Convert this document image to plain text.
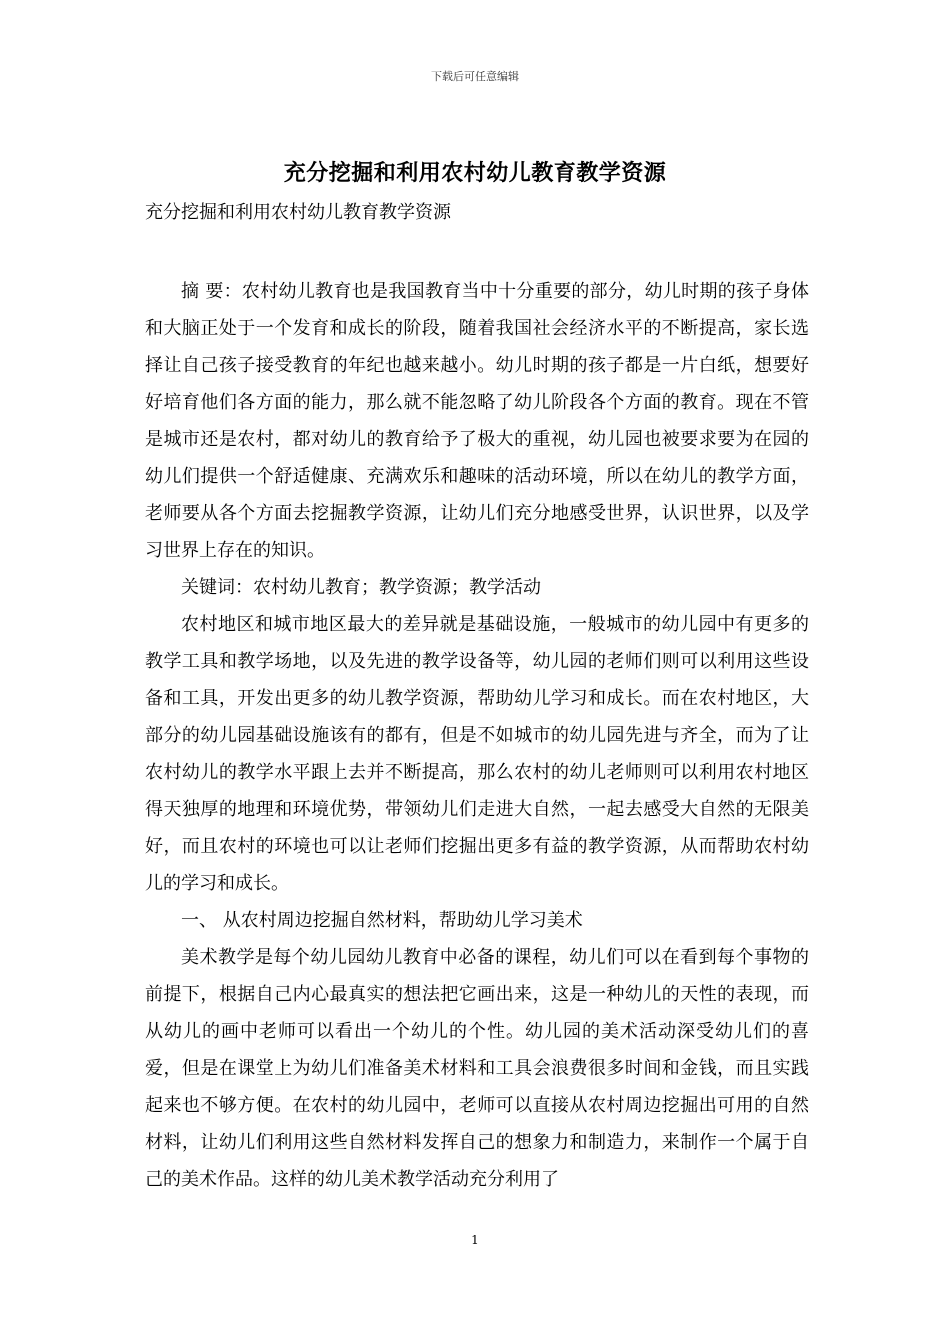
下载后可任意编辑
充分挖掘和利用农村幼儿教育教学资源
充分挖掘和利用农村幼儿教育教学资源

摘 要：农村幼儿教育也是我国教育当中十分重要的部分，幼儿时期的孩子身体和大脑正处于一个发育和成长的阶段，随着我国社会经济水平的不断提高，家长选择让自己孩子接受教育的年纪也越来越小。幼儿时期的孩子都是一片白纸，想要好好培育他们各方面的能力，那么就不能忽略了幼儿阶段各个方面的教育。现在不管是城市还是农村，都对幼儿的教育给予了极大的重视，幼儿园也被要求要为在园的幼儿们提供一个舒适健康、充满欢乐和趣味的活动环境，所以在幼儿的教学方面，老师要从各个方面去挖掘教学资源，让幼儿们充分地感受世界，认识世界，以及学习世界上存在的知识。

关键词：农村幼儿教育；教学资源；教学活动

农村地区和城市地区最大的差异就是基础设施，一般城市的幼儿园中有更多的教学工具和教学场地，以及先进的教学设备等，幼儿园的老师们则可以利用这些设备和工具，开发出更多的幼儿教学资源，帮助幼儿学习和成长。而在农村地区，大部分的幼儿园基础设施该有的都有，但是不如城市的幼儿园先进与齐全，而为了让农村幼儿的教学水平跟上去并不断提高，那么农村的幼儿老师则可以利用农村地区得天独厚的地理和环境优势，带领幼儿们走进大自然，一起去感受大自然的无限美好，而且农村的环境也可以让老师们挖掘出更多有益的教学资源，从而帮助农村幼儿的学习和成长。

一、 从农村周边挖掘自然材料，帮助幼儿学习美术

美术教学是每个幼儿园幼儿教育中必备的课程，幼儿们可以在看到每个事物的前提下，根据自己内心最真实的想法把它画出来，这是一种幼儿的天性的表现，而从幼儿的画中老师可以看出一个幼儿的个性。幼儿园的美术活动深受幼儿们的喜爱，但是在课堂上为幼儿们准备美术材料和工具会浪费很多时间和金钱，而且实践起来也不够方便。在农村的幼儿园中，老师可以直接从农村周边挖掘出可用的自然材料，让幼儿们利用这些自然材料发挥自己的想象力和制造力，来制作一个属于自己的美术作品。这样的幼儿美术教学活动充分利用了

1
